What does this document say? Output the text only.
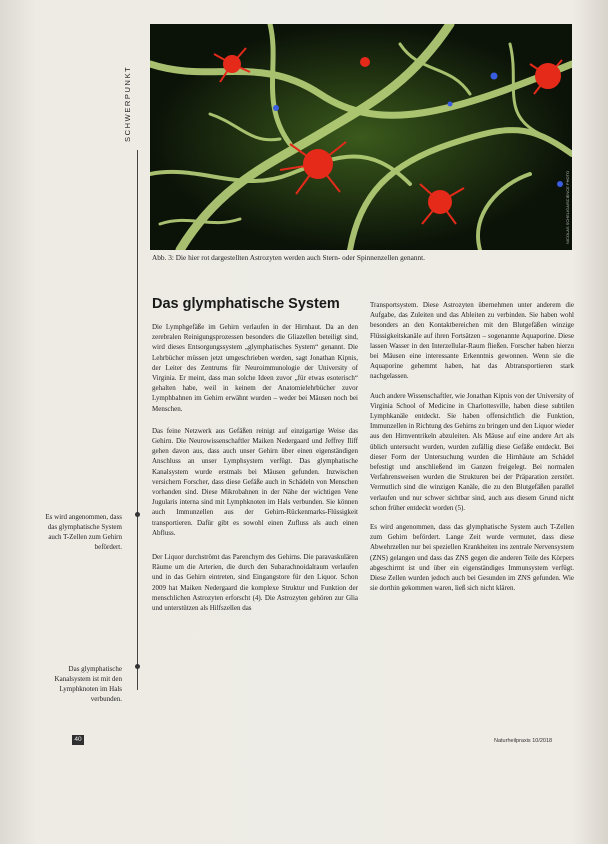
SCHWERPUNKT
NICOLAS SCHELIGA/SCIENCE PHOTO
Abb. 3: Die hier rot dargestellten Astrozyten werden auch Stern- oder Spinnenzellen genannt.
Das glymphatische System

Die Lymphgefäße im Gehirn verlaufen in der Hirnhaut. Da an den zerebralen Reinigungsprozessen besonders die Gliazellen beteiligt sind, wird dieses Entsorgungssystem „glymphatisches System“ genannt. Die Lehrbücher müssen jetzt umgeschrieben werden, sagt Jonathan Kipnis, der Leiter des Zentrums für Neuroimmunologie der University of Virginia. Er meint, dass man solche Ideen zuvor „für etwas esoterisch“ gehalten habe, weil in keinem der Anatomielehrbücher zuvor Lymphbahnen im Gehirn erwähnt wurden – weder bei Mäusen noch bei Menschen.

Das feine Netzwerk aus Gefäßen reinigt auf einzigartige Weise das Gehirn. Die Neurowissenschaftler Maiken Nedergaard und Jeffrey Iliff gehen davon aus, dass auch unser Gehirn über einen eigenständigen Anschluss an unser Lymphsystem verfügt. Das glymphatische Kanalsystem wurde erstmals bei Mäusen gefunden. Inzwischen versichern Forscher, dass diese Gefäße auch in Schädeln von Menschen vorhanden sind. Diese Mikrobahnen in der Nähe der wichtigen Vene Jugularis interna sind mit Lymphknoten im Hals verbunden. Sie können auch Immunzellen aus der Gehirn-Rückenmarks-Flüssigkeit transportieren. Dafür gibt es sowohl einen Zufluss als auch einen Abfluss.

Der Liquor durchströmt das Parenchym des Gehirns. Die paravaskulären Räume um die Arterien, die durch den Subarachnoidalraum verlaufen und in das Gehirn eintreten, sind Eingangstore für den Liquor. Schon 2009 hat Maiken Nedergaard die komplexe Struktur und Funktion der menschlichen Astrozyten erforscht (4). Die Astrozyten gehören zur Glia und unterstützen als Hilfszellen das

Transportsystem. Diese Astrozyten übernehmen unter anderem die Aufgabe, das Zuleiten und das Ableiten zu verbinden. Sie haben wohl besonders an den Kontaktbereichen mit den Blutgefäßen winzige Flüssigkeitskanäle auf ihren Fortsätzen – sogenannte Aquaporine. Diese lassen Wasser in den Interzellular-Raum fließen. Forscher haben hierzu bei Mäusen eine interessante Erkenntnis gewonnen. Wenn sie die Aquaporine gehemmt haben, hat das Abtransportieren stark nachgelassen.

Auch andere Wissenschaftler, wie Jonathan Kipnis von der University of Virginia School of Medicine in Charlottesville, haben diese subtilen Lymphkanäle entdeckt. Sie haben offensichtlich die Funktion, Immunzellen in Richtung des Gehirns zu bringen und den Liquor wieder aus den Hirnventrikeln abzuleiten. Als Mäuse auf eine andere Art als üblich untersucht wurden, wurden zufällig diese Gefäße entdeckt. Bei dieser Form der Untersuchung wurden die Hirnhäute am Schädel befestigt und anschließend im Ganzen freigelegt. Bei normalen Verfahrensweisen wurden die Strukturen bei der Präparation zerstört. Vermutlich sind die winzigen Kanäle, die zu den Blutgefäßen parallel verlaufen und nur schwer sichtbar sind, auch aus diesem Grund nicht schon früher entdeckt worden (5).

Es wird angenommen, dass das glymphatische System auch T-Zellen zum Gehirn befördert. Lange Zeit wurde vermutet, dass diese Abwehrzellen nur bei speziellen Krankheiten ins zentrale Nervensystem (ZNS) gelangen und dass das ZNS gegen die anderen Teile des Körpers abgeschirmt ist und über ein eigenständiges Immunsystem verfügt. Diese Zellen wurden jedoch auch bei Gesunden im ZNS gefunden. Wie sie dorthin gekommen waren, ließ sich nicht klären.

Es wird angenommen, dass das glymphatische System auch T-Zellen zum Gehirn befördert.
Das glymphatische Kanalsystem ist mit den Lymphknoten im Hals verbunden.
40	Naturheilpraxis 10/2018
